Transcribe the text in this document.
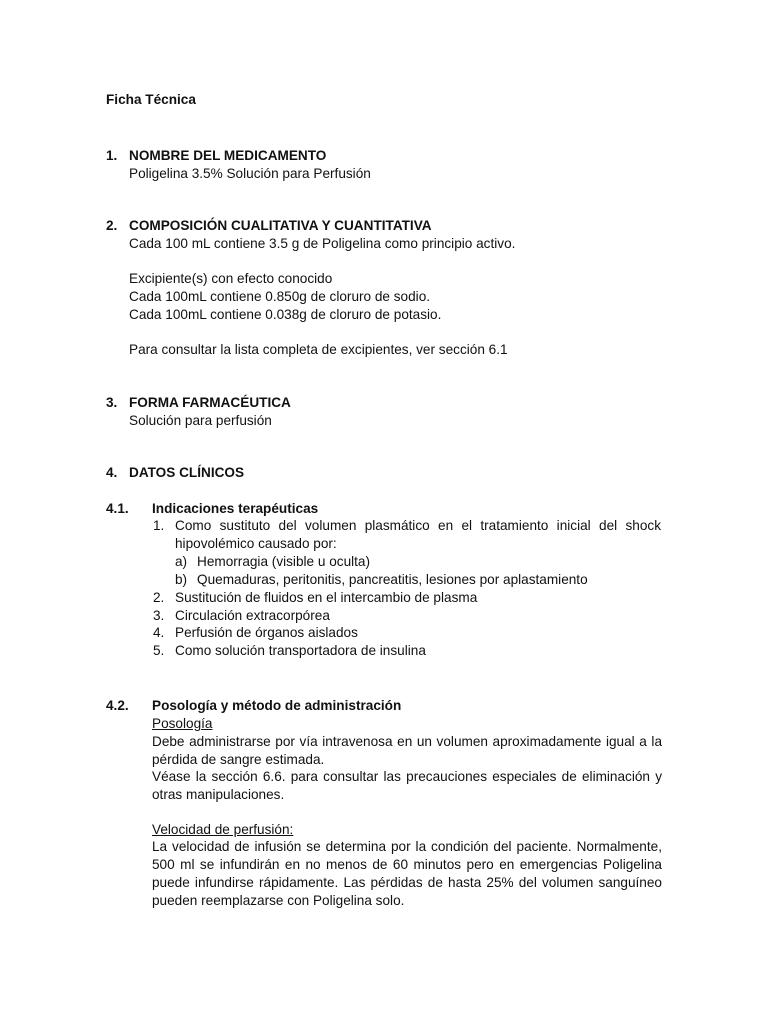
Ficha Técnica
1. NOMBRE DEL MEDICAMENTO
Poligelina 3.5% Solución para Perfusión
2. COMPOSICIÓN CUALITATIVA Y CUANTITATIVA
Cada 100 mL contiene 3.5 g de Poligelina como principio activo.
Excipiente(s) con efecto conocido
Cada 100mL contiene 0.850g de cloruro de sodio.
Cada 100mL contiene 0.038g de cloruro de potasio.
Para consultar la lista completa de excipientes, ver sección 6.1
3. FORMA FARMACÉUTICA
Solución para perfusión
4. DATOS CLÍNICOS
4.1. Indicaciones terapéuticas
1. Como sustituto del volumen plasmático en el tratamiento inicial del shock
hipovolémico causado por:
a) Hemorragia (visible u oculta)
b) Quemaduras, peritonitis, pancreatitis, lesiones por aplastamiento
2. Sustitución de fluidos en el intercambio de plasma
3. Circulación extracorpórea
4. Perfusión de órganos aislados
5. Como solución transportadora de insulina
4.2. Posología y método de administración
Posología
Debe administrarse por vía intravenosa en un volumen aproximadamente igual a la
pérdida de sangre estimada.
Véase la sección 6.6. para consultar las precauciones especiales de eliminación y
otras manipulaciones.
Velocidad de perfusión:
La velocidad de infusión se determina por la condición del paciente. Normalmente,
500 ml se infundirán en no menos de 60 minutos pero en emergencias Poligelina
puede infundirse rápidamente. Las pérdidas de hasta 25% del volumen sanguíneo
pueden reemplazarse con Poligelina solo.
